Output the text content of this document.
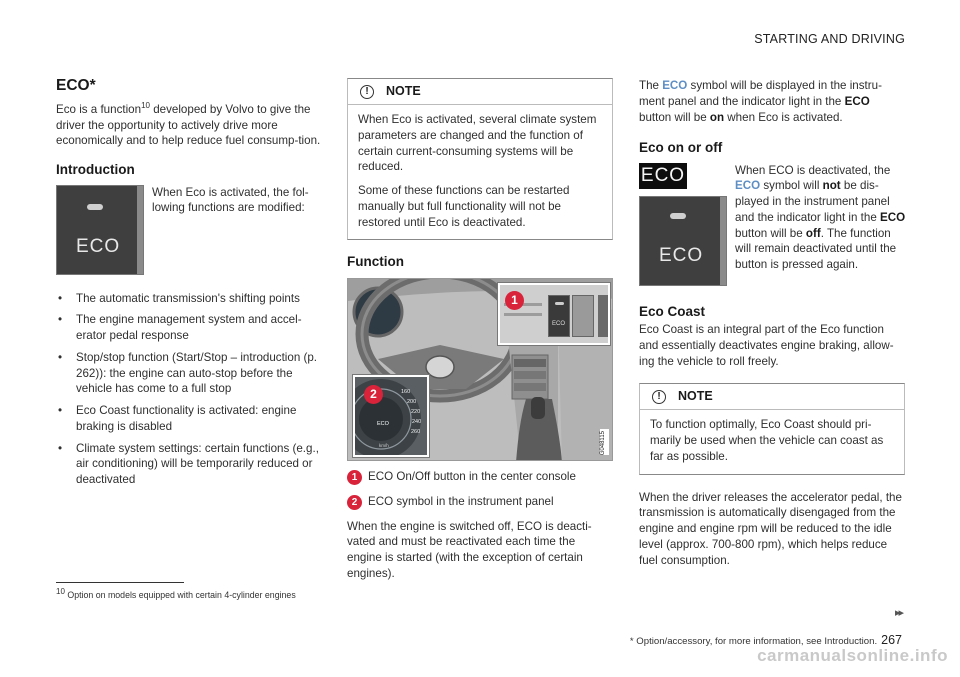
STARTING AND DRIVING
ECO*

Eco is a function$^{10}$ developed by Volvo to give the driver the opportunity to actively drive more economically and to help reduce fuel consump-tion.

Introduction
ECO

When Eco is activated, the fol-lowing functions are modified:

• The automatic transmission's shifting points
• The engine management system and accel-erator pedal response
• Stop/stop function (Start/Stop – introduction (p. 262)): the engine can auto-stop before the vehicle has come to a full stop
• Eco Coast functionality is activated: engine braking is disabled
• Climate system settings: certain functions (e.g., air conditioning) will be temporarily reduced or deactivated
!	NOTE

When Eco is activated, several climate system parameters are changed and the function of certain current-consuming systems will be reduced.

Some of these functions can be restarted manually but full functionality will not be restored until Eco is deactivated.

Function
G048115
ECO
1
160
200
220
240
260
ECO
km/h
2
1 ECO On/Off button in the center console
2 ECO symbol in the instrument panel

When the engine is switched off, ECO is deacti-vated and must be reactivated each time the engine is started (with the exception of certain engines).

The ECO symbol will be displayed in the instru-ment panel and the indicator light in the ECO button will be on when Eco is activated.

Eco on or off
ECO
ECO

When ECO is deactivated, the ECO symbol will not be dis-played in the instrument panel and the indicator light in the ECO button will be off. The function will remain deactivated until the button is pressed again.

Eco Coast

Eco Coast is an integral part of the Eco function and essentially deactivates engine braking, allow-ing the vehicle to roll freely.

!	NOTE

To function optimally, Eco Coast should pri-marily be used when the vehicle can coast as far as possible.

When the driver releases the accelerator pedal, the transmission is automatically disengaged from the engine and engine rpm will be reduced to the idle level (approx. 700-800 rpm), which helps reduce fuel consumption.

$^{10}$ Option on models equipped with certain 4-cylinder engines
▸▸
* Option/accessory, for more information, see Introduction. 267
carmanualsonline.info
